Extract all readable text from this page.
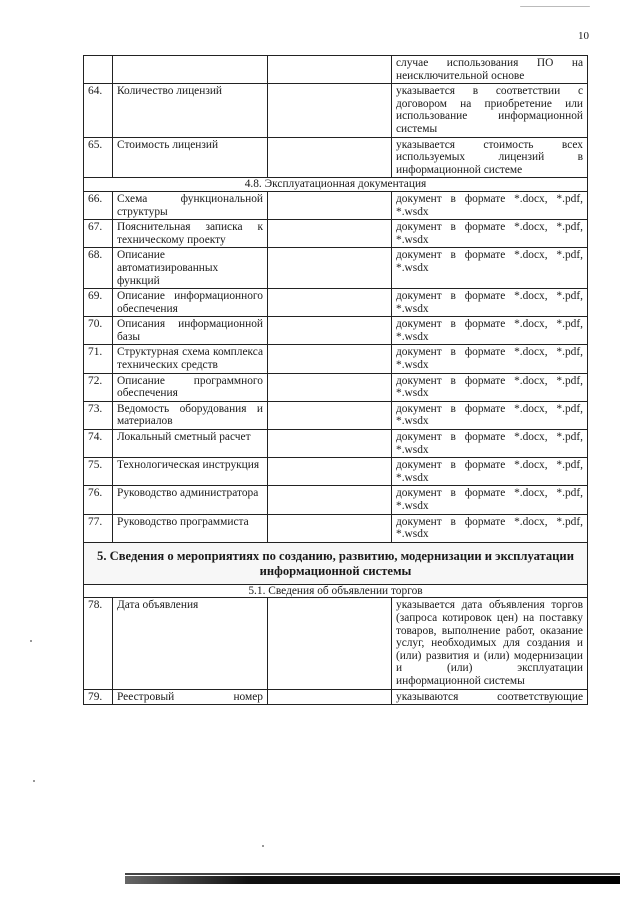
10
			случае использования ПО на неисключительной основе
64.	Количество лицензий		указывается в соответствии с договором на приобретение или использование информационной системы
65.	Стоимость лицензий		указывается стоимость всех используемых лицензий в информационной системе
4.8. Эксплуатационная документация			
66.	Схема функциональной структуры		документ в формате *.docx, *.pdf, *.wsdx
67.	Пояснительная записка к техническому проекту		документ в формате *.docx, *.pdf, *.wsdx
68.	Описание автоматизированных функций		документ в формате *.docx, *.pdf, *.wsdx
69.	Описание информационного обеспечения		документ в формате *.docx, *.pdf, *.wsdx
70.	Описания информационной базы		документ в формате *.docx, *.pdf, *.wsdx
71.	Структурная схема комплекса технических средств		документ в формате *.docx, *.pdf, *.wsdx
72.	Описание программного обеспечения		документ в формате *.docx, *.pdf, *.wsdx
73.	Ведомость оборудования и материалов		документ в формате *.docx, *.pdf, *.wsdx
74.	Локальный сметный расчет		документ в формате *.docx, *.pdf, *.wsdx
75.	Технологическая инструкция		документ в формате *.docx, *.pdf, *.wsdx
76.	Руководство администратора		документ в формате *.docx, *.pdf, *.wsdx
77.	Руководство программиста		документ в формате *.docx, *.pdf, *.wsdx
5. Сведения о мероприятиях по созданию, развитию, модернизации и эксплуатации информационной системы			
5.1. Сведения об объявлении торгов			
78.	Дата объявления		указывается дата объявления торгов (запроса котировок цен) на поставку товаров, выполнение работ, оказание услуг, необходимых для создания и (или) развития и (или) модернизации и (или) эксплуатации информационной системы
79.	Реестровый номер		указываются соответствующие
